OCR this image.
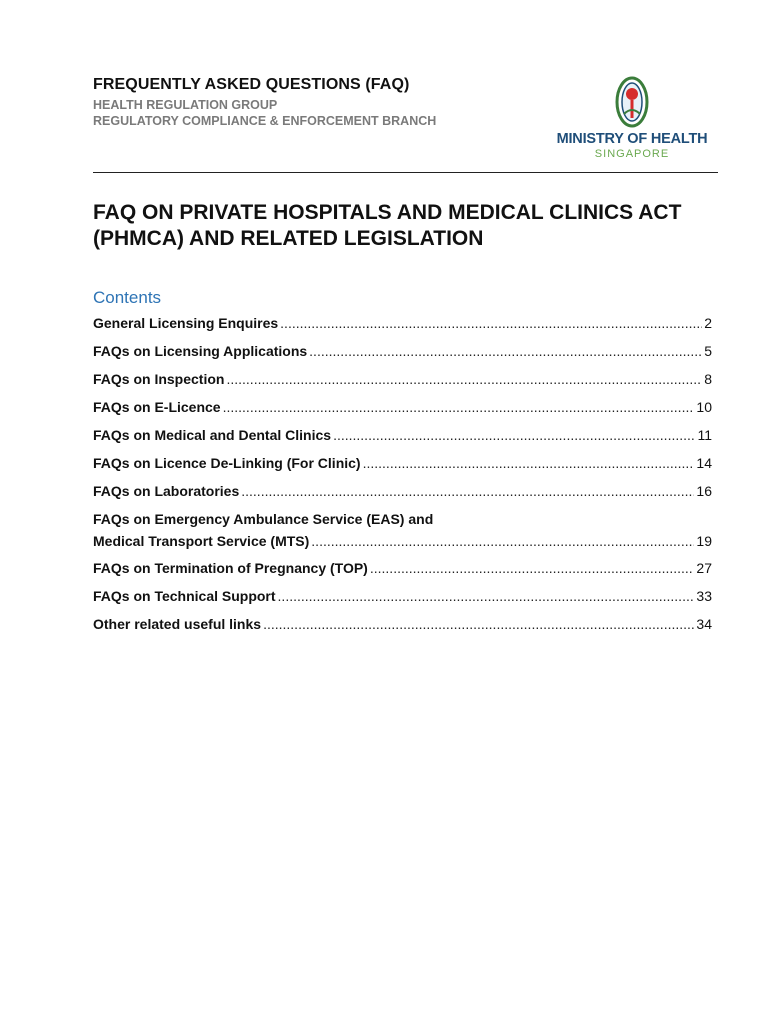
FREQUENTLY ASKED QUESTIONS (FAQ)
HEALTH REGULATION GROUP
REGULATORY COMPLIANCE & ENFORCEMENT BRANCH
MINISTRY OF HEALTH
SINGAPORE
FAQ ON PRIVATE HOSPITALS AND MEDICAL CLINICS ACT
(PHMCA) AND RELATED LEGISLATION
Contents
General Licensing Enquires .....	2
FAQs on Licensing Applications .....	5
FAQs on Inspection .....	8
FAQs on E-Licence .....	10
FAQs on Medical and Dental Clinics .....	11
FAQs on Licence De-Linking (For Clinic) .....	14
FAQs on Laboratories .....	16
FAQs on Emergency Ambulance Service (EAS) and
Medical Transport Service (MTS) .....	19
FAQs on Termination of Pregnancy (TOP) .....	27
FAQs on Technical Support .....	33
Other related useful links .....	34
